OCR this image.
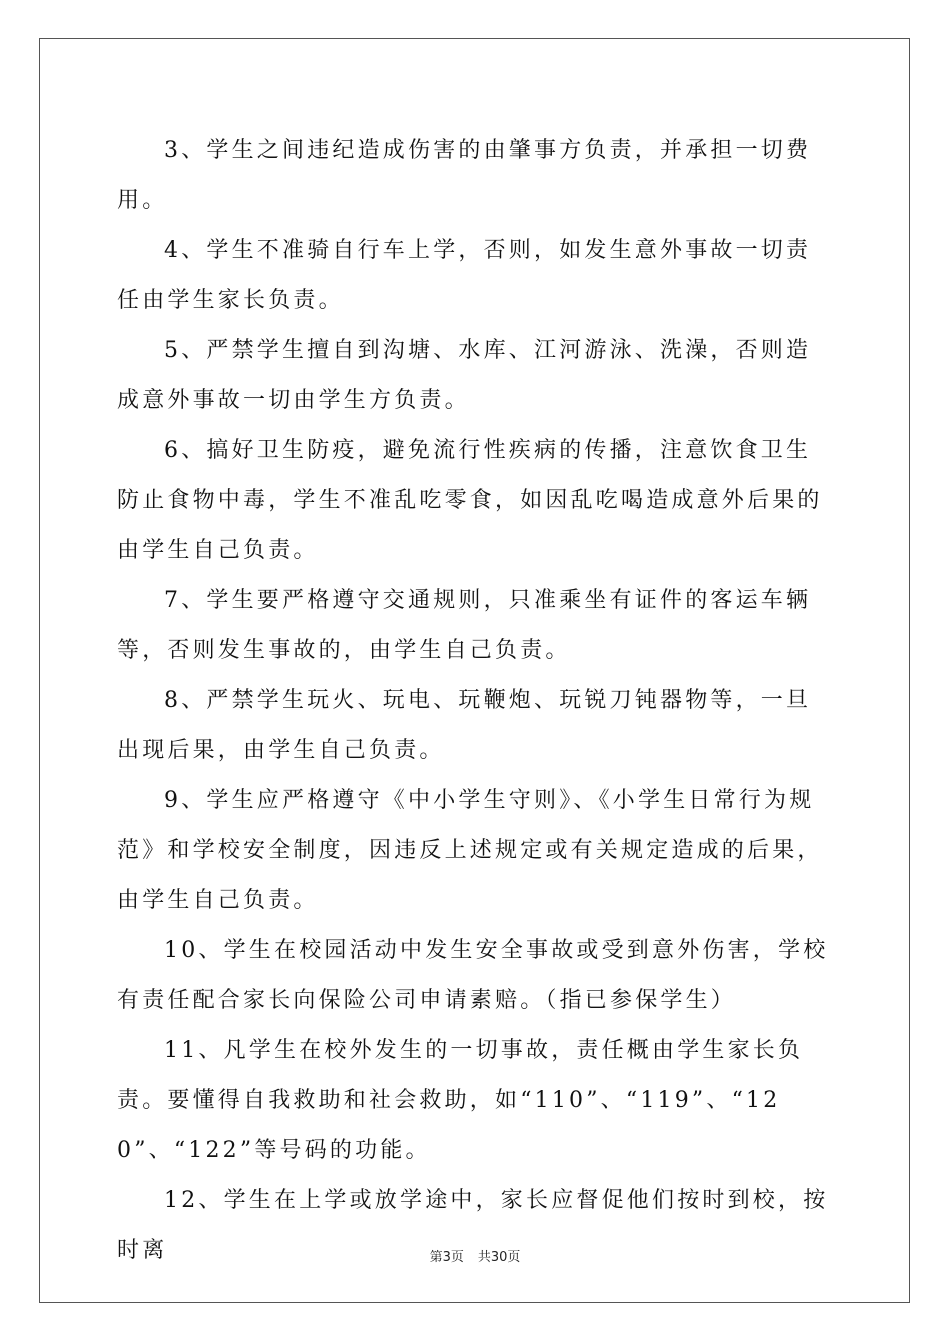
3、学生之间违纪造成伤害的由肇事方负责，并承担一切费用。

4、学生不准骑自行车上学，否则，如发生意外事故一切责任由学生家长负责。

5、严禁学生擅自到沟塘、水库、江河游泳、洗澡，否则造成意外事故一切由学生方负责。

6、搞好卫生防疫，避免流行性疾病的传播，注意饮食卫生防止食物中毒，学生不准乱吃零食，如因乱吃喝造成意外后果的由学生自己负责。

7、学生要严格遵守交通规则，只准乘坐有证件的客运车辆等，否则发生事故的，由学生自己负责。

8、严禁学生玩火、玩电、玩鞭炮、玩锐刀钝器物等，一旦出现后果，由学生自己负责。

9、学生应严格遵守《中小学生守则》、《小学生日常行为规范》和学校安全制度，因违反上述规定或有关规定造成的后果，由学生自己负责。

10、学生在校园活动中发生安全事故或受到意外伤害，学校有责任配合家长向保险公司申请素赔。（指已参保学生）

11、凡学生在校外发生的一切事故，责任概由学生家长负责。要懂得自我救助和社会救助，如“110”、“119”、“120”、“122”等号码的功能。

12、学生在上学或放学途中，家长应督促他们按时到校，按时离	第3页 共30页
